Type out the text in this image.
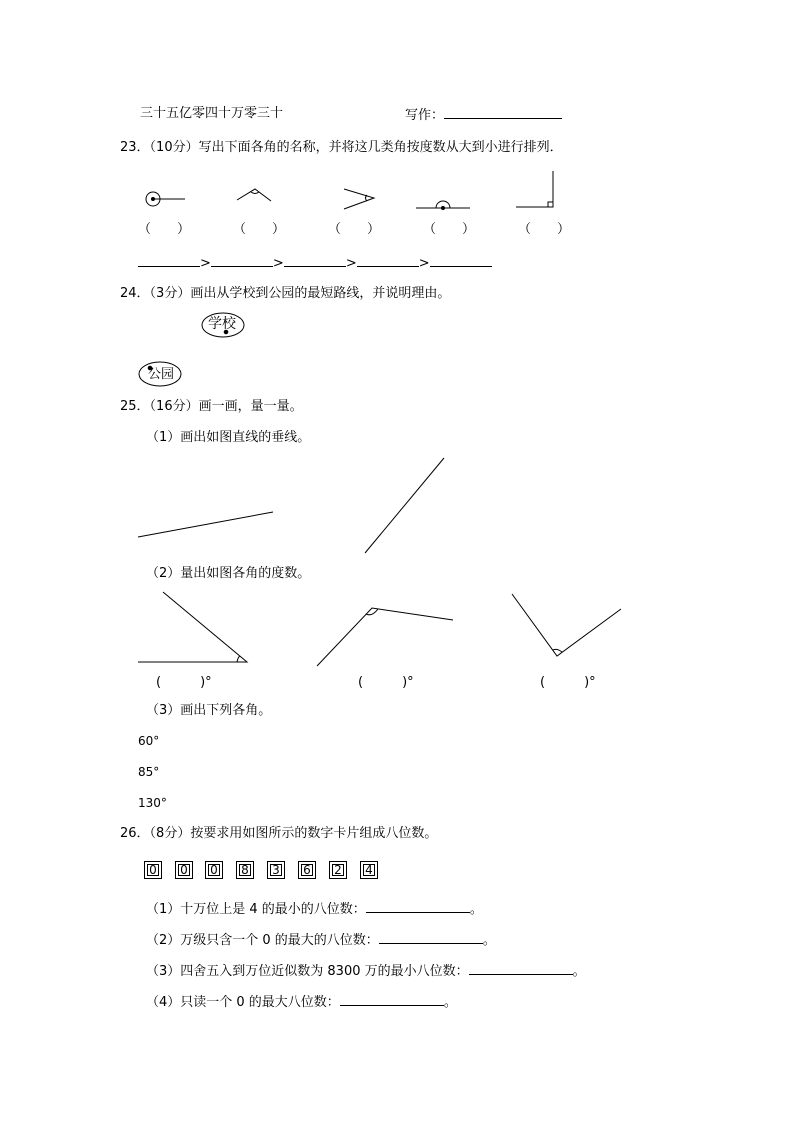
三十五亿零四十万零三十	写作：
23．（10分）写出下面各角的名称，并将这几类角按度数从大到小进行排列．
（　　）	（　　）	（　　）	（　　）	（　　）
>	>	>	>
24．（3分）画出从学校到公园的最短路线，并说明理由。
学校
公园
25．（16分）画一画，量一量。
（1）画出如图直线的垂线。
（2）量出如图各角的度数。
(　　　)°	(　　　)°	(　　　)°
（3）画出下列各角。
60°
85°
130°
26．（8分）按要求用如图所示的数字卡片组成八位数。
0	0	0	8	3	6	2	4
（1）十万位上是 4 的最小的八位数：	。
（2）万级只含一个 0 的最大的八位数：	。
（3）四舍五入到万位近似数为 8300 万的最小八位数：	。
（4）只读一个 0 的最大八位数：	。
